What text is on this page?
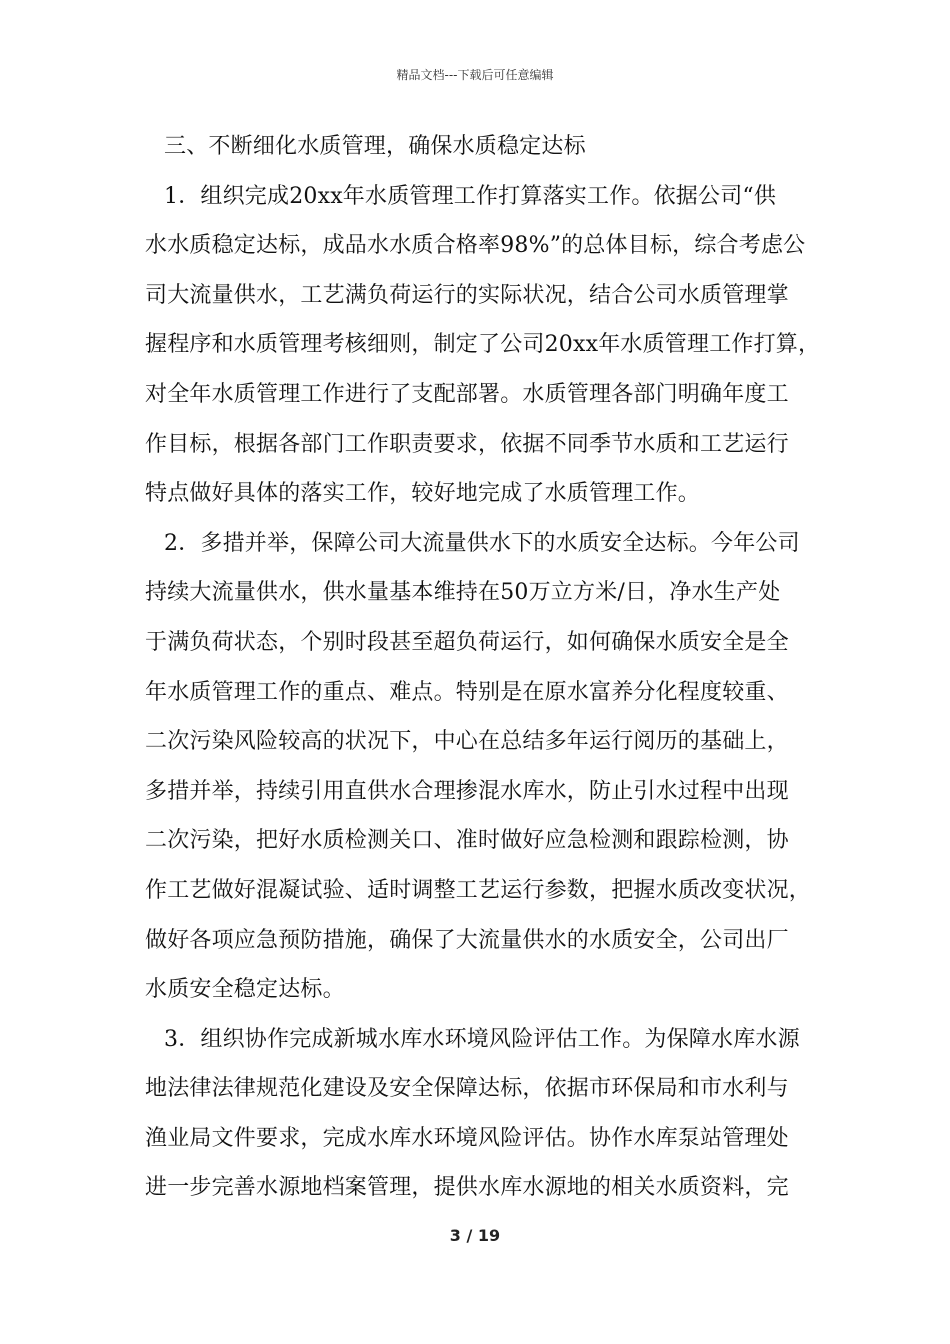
精品文档---下载后可任意编辑
三、不断细化水质管理，确保水质稳定达标
1．组织完成20xx年水质管理工作打算落实工作。依据公司“供
水水质稳定达标，成品水水质合格率98%”的总体目标，综合考虑公
司大流量供水，工艺满负荷运行的实际状况，结合公司水质管理掌
握程序和水质管理考核细则，制定了公司20xx年水质管理工作打算，
对全年水质管理工作进行了支配部署。水质管理各部门明确年度工
作目标，根据各部门工作职责要求，依据不同季节水质和工艺运行
特点做好具体的落实工作，较好地完成了水质管理工作。
2．多措并举，保障公司大流量供水下的水质安全达标。今年公司
持续大流量供水，供水量基本维持在50万立方米/日，净水生产处
于满负荷状态，个别时段甚至超负荷运行，如何确保水质安全是全
年水质管理工作的重点、难点。特别是在原水富养分化程度较重、
二次污染风险较高的状况下，中心在总结多年运行阅历的基础上，
多措并举，持续引用直供水合理掺混水库水，防止引水过程中出现
二次污染，把好水质检测关口、准时做好应急检测和跟踪检测，协
作工艺做好混凝试验、适时调整工艺运行参数，把握水质改变状况，
做好各项应急预防措施，确保了大流量供水的水质安全，公司出厂
水质安全稳定达标。
3．组织协作完成新城水库水环境风险评估工作。为保障水库水源
地法律法律规范化建设及安全保障达标，依据市环保局和市水利与
渔业局文件要求，完成水库水环境风险评估。协作水库泵站管理处
进一步完善水源地档案管理，提供水库水源地的相关水质资料，完
3 / 19
